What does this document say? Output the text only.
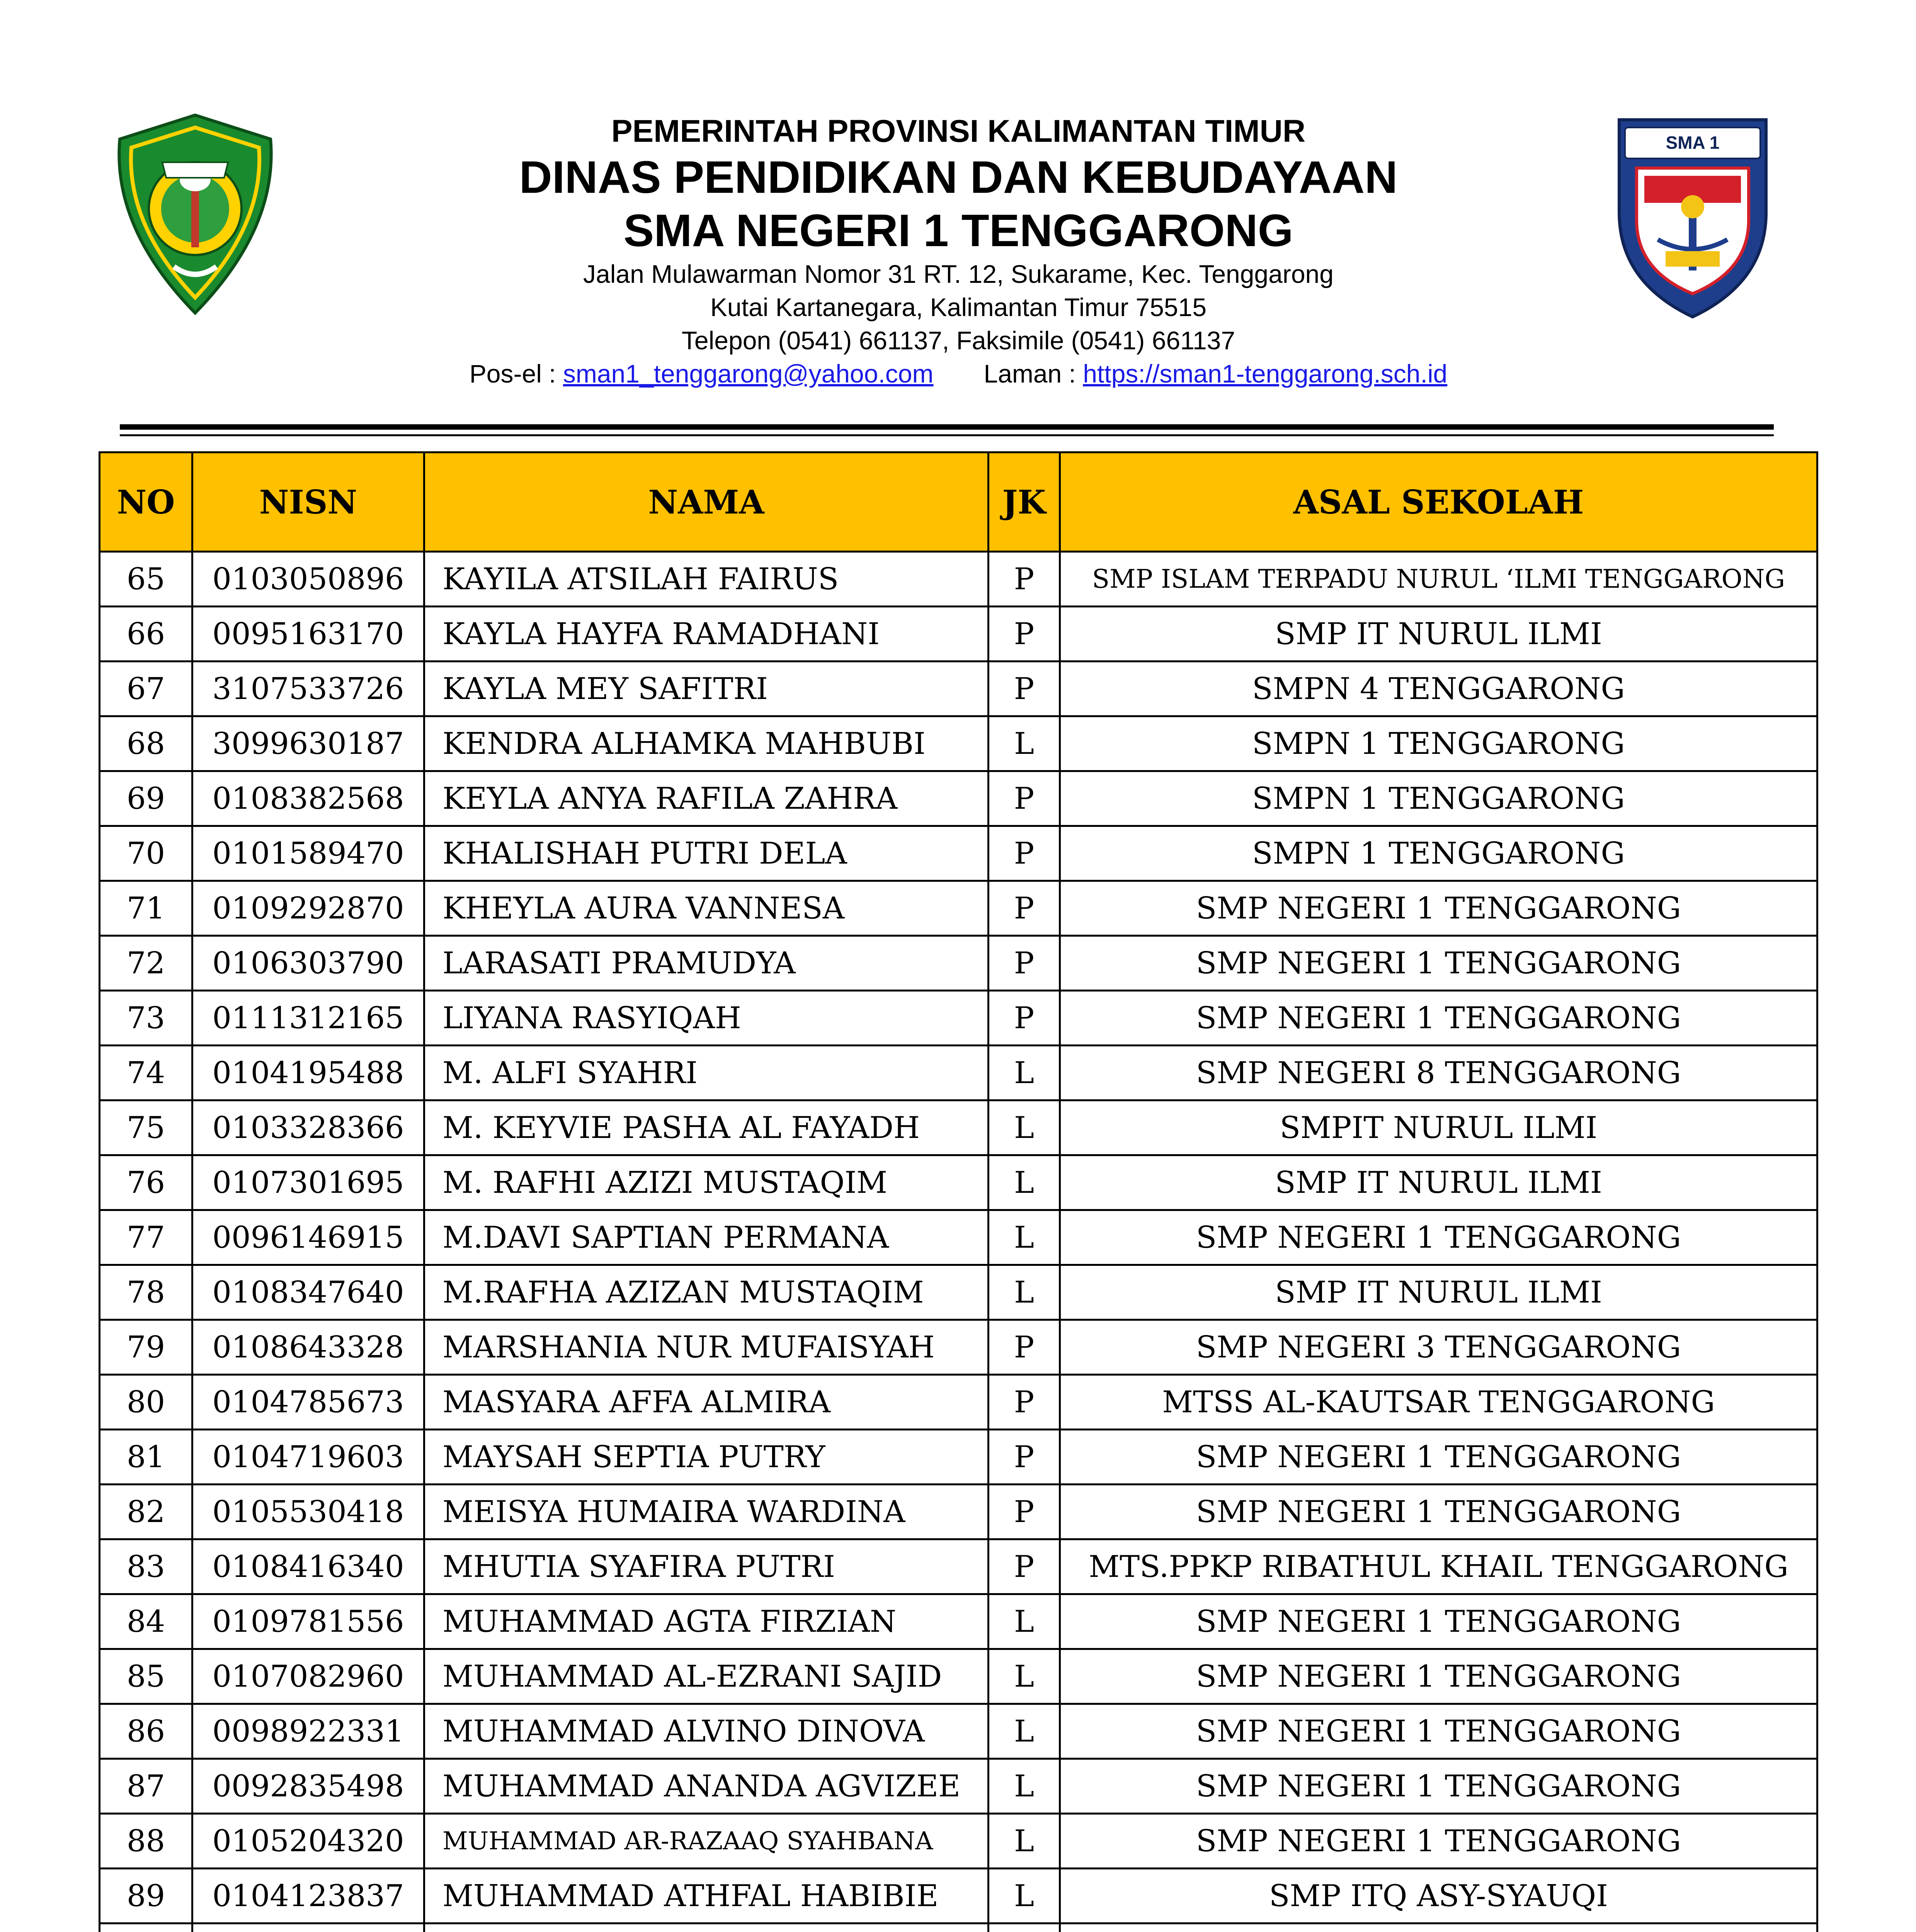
SMA 1
PEMERINTAH PROVINSI KALIMANTAN TIMUR
DINAS PENDIDIKAN DAN KEBUDAYAAN
SMA NEGERI 1 TENGGARONG
Jalan Mulawarman Nomor 31 RT. 12, Sukarame, Kec. Tenggarong
Kutai Kartanegara, Kalimantan Timur 75515
Telepon (0541) 661137, Faksimile (0541) 661137
Pos-el : sman1_tenggarong@yahoo.com Laman : https://sman1-tenggarong.sch.id
NO	NISN	NAMA	JK	ASAL SEKOLAH
65	0103050896	KAYILA ATSILAH FAIRUS	P	SMP ISLAM TERPADU NURUL ‘ILMI TENGGARONG
66	0095163170	KAYLA HAYFA RAMADHANI	P	SMP IT NURUL ILMI
67	3107533726	KAYLA MEY SAFITRI	P	SMPN 4 TENGGARONG
68	3099630187	KENDRA ALHAMKA MAHBUBI	L	SMPN 1 TENGGARONG
69	0108382568	KEYLA ANYA RAFILA ZAHRA	P	SMPN 1 TENGGARONG
70	0101589470	KHALISHAH PUTRI DELA	P	SMPN 1 TENGGARONG
71	0109292870	KHEYLA AURA VANNESA	P	SMP NEGERI 1 TENGGARONG
72	0106303790	LARASATI PRAMUDYA	P	SMP NEGERI 1 TENGGARONG
73	0111312165	LIYANA RASYIQAH	P	SMP NEGERI 1 TENGGARONG
74	0104195488	M. ALFI SYAHRI	L	SMP NEGERI 8 TENGGARONG
75	0103328366	M. KEYVIE PASHA AL FAYADH	L	SMPIT NURUL ILMI
76	0107301695	M. RAFHI AZIZI MUSTAQIM	L	SMP IT NURUL ILMI
77	0096146915	M.DAVI SAPTIAN PERMANA	L	SMP NEGERI 1 TENGGARONG
78	0108347640	M.RAFHA AZIZAN MUSTAQIM	L	SMP IT NURUL ILMI
79	0108643328	MARSHANIA NUR MUFAISYAH	P	SMP NEGERI 3 TENGGARONG
80	0104785673	MASYARA AFFA ALMIRA	P	MTSS AL-KAUTSAR TENGGARONG
81	0104719603	MAYSAH SEPTIA PUTRY	P	SMP NEGERI 1 TENGGARONG
82	0105530418	MEISYA HUMAIRA WARDINA	P	SMP NEGERI 1 TENGGARONG
83	0108416340	MHUTIA SYAFIRA PUTRI	P	MTS.PPKP RIBATHUL KHAIL TENGGARONG
84	0109781556	MUHAMMAD AGTA FIRZIAN	L	SMP NEGERI 1 TENGGARONG
85	0107082960	MUHAMMAD AL-EZRANI SAJID	L	SMP NEGERI 1 TENGGARONG
86	0098922331	MUHAMMAD ALVINO DINOVA	L	SMP NEGERI 1 TENGGARONG
87	0092835498	MUHAMMAD ANANDA AGVIZEE	L	SMP NEGERI 1 TENGGARONG
88	0105204320	MUHAMMAD AR-RAZAAQ SYAHBANA	L	SMP NEGERI 1 TENGGARONG
89	0104123837	MUHAMMAD ATHFAL HABIBIE	L	SMP ITQ ASY-SYAUQI
